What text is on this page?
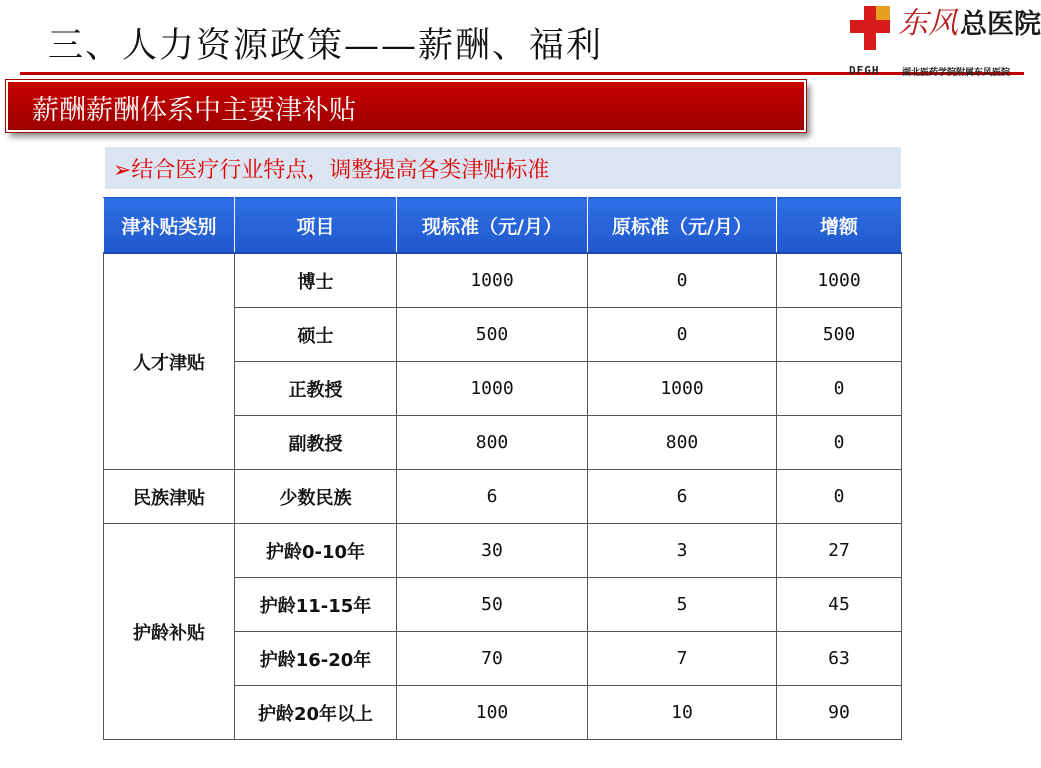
三、人力资源政策——薪酬、福利
东风 总医院
DFGH	湖北医药学院附属东风医院
薪酬薪酬体系中主要津补贴
➢结合医疗行业特点，调整提高各类津贴标准
津补贴类别	项目	现标准（元/月）	原标准（元/月）	增额
人才津贴	博士	1000	0	1000
	硕士	500	0	500
	正教授	1000	1000	0
	副教授	800	800	0
民族津贴	少数民族	6	6	0
护龄补贴	护龄0-10年	30	3	27
	护龄11-15年	50	5	45
	护龄16-20年	70	7	63
	护龄20年以上	100	10	90
